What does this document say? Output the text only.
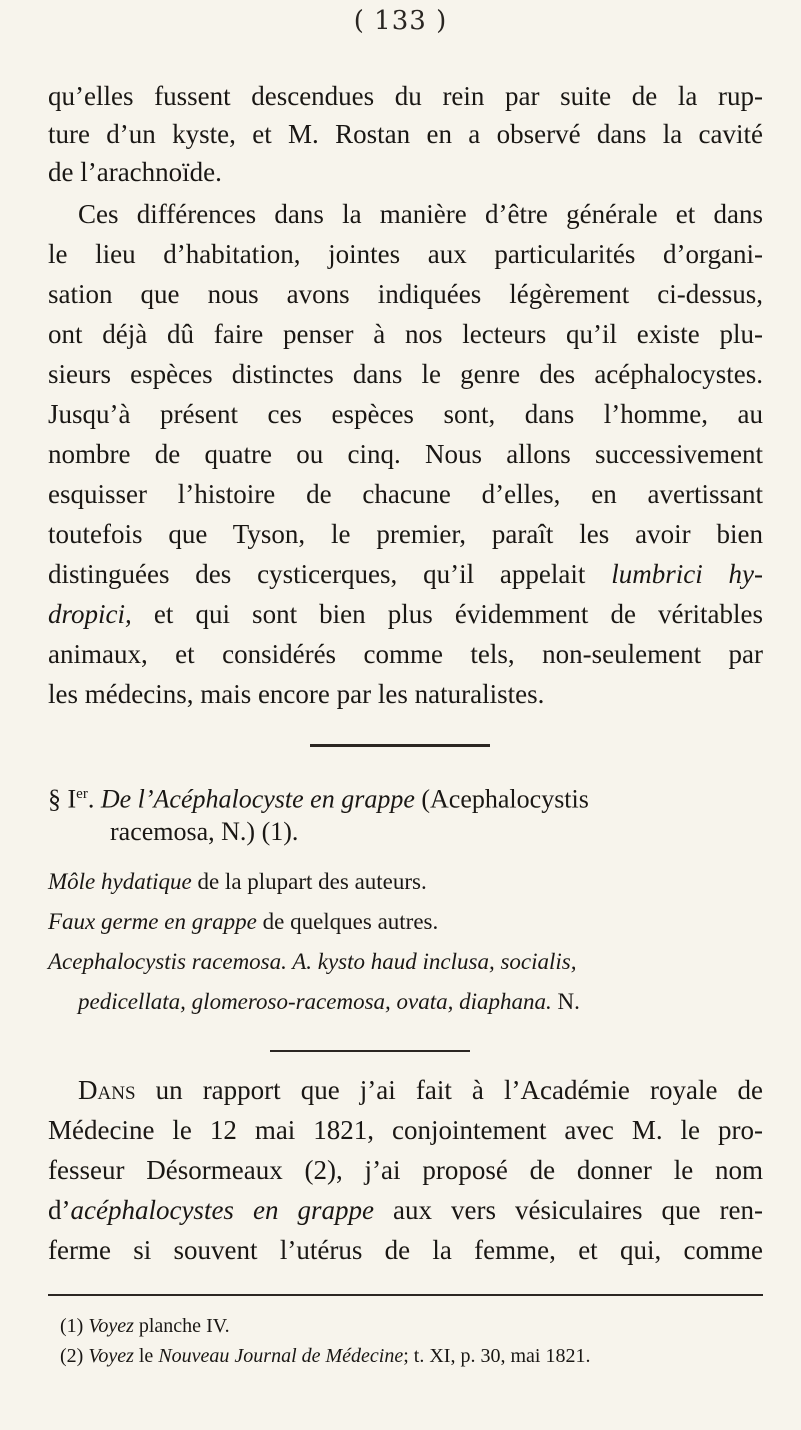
( 133 )
qu’elles fussent descendues du rein par suite de la rup-
ture d’un kyste, et M. Rostan en a observé dans la cavité
de l’arachnoïde.
Ces différences dans la manière d’être générale et dans
le lieu d’habitation, jointes aux particularités d’organi-
sation que nous avons indiquées légèrement ci-dessus,
ont déjà dû faire penser à nos lecteurs qu’il existe plu-
sieurs espèces distinctes dans le genre des acéphalocystes.
Jusqu’à présent ces espèces sont, dans l’homme, au
nombre de quatre ou cinq. Nous allons successivement
esquisser l’histoire de chacune d’elles, en avertissant
toutefois que Tyson, le premier, paraît les avoir bien
distinguées des cysticerques, qu’il appelait lumbrici hy-
dropici, et qui sont bien plus évidemment de véritables
animaux, et considérés comme tels, non-seulement par
les médecins, mais encore par les naturalistes.
§ Ier. De l’Acéphalocyste en grappe (Acephalocystis
racemosa, N.) (1).
Môle hydatique de la plupart des auteurs.
Faux germe en grappe de quelques autres.
Acephalocystis racemosa. A. kysto haud inclusa, socialis,
pedicellata, glomeroso-racemosa, ovata, diaphana. N.
Dans un rapport que j’ai fait à l’Académie royale de
Médecine le 12 mai 1821, conjointement avec M. le pro-
fesseur Désormeaux (2), j’ai proposé de donner le nom
d’acéphalocystes en grappe aux vers vésiculaires que ren-
ferme si souvent l’utérus de la femme, et qui, comme
(1) Voyez planche IV.
(2) Voyez le Nouveau Journal de Médecine; t. XI, p. 30, mai 1821.
